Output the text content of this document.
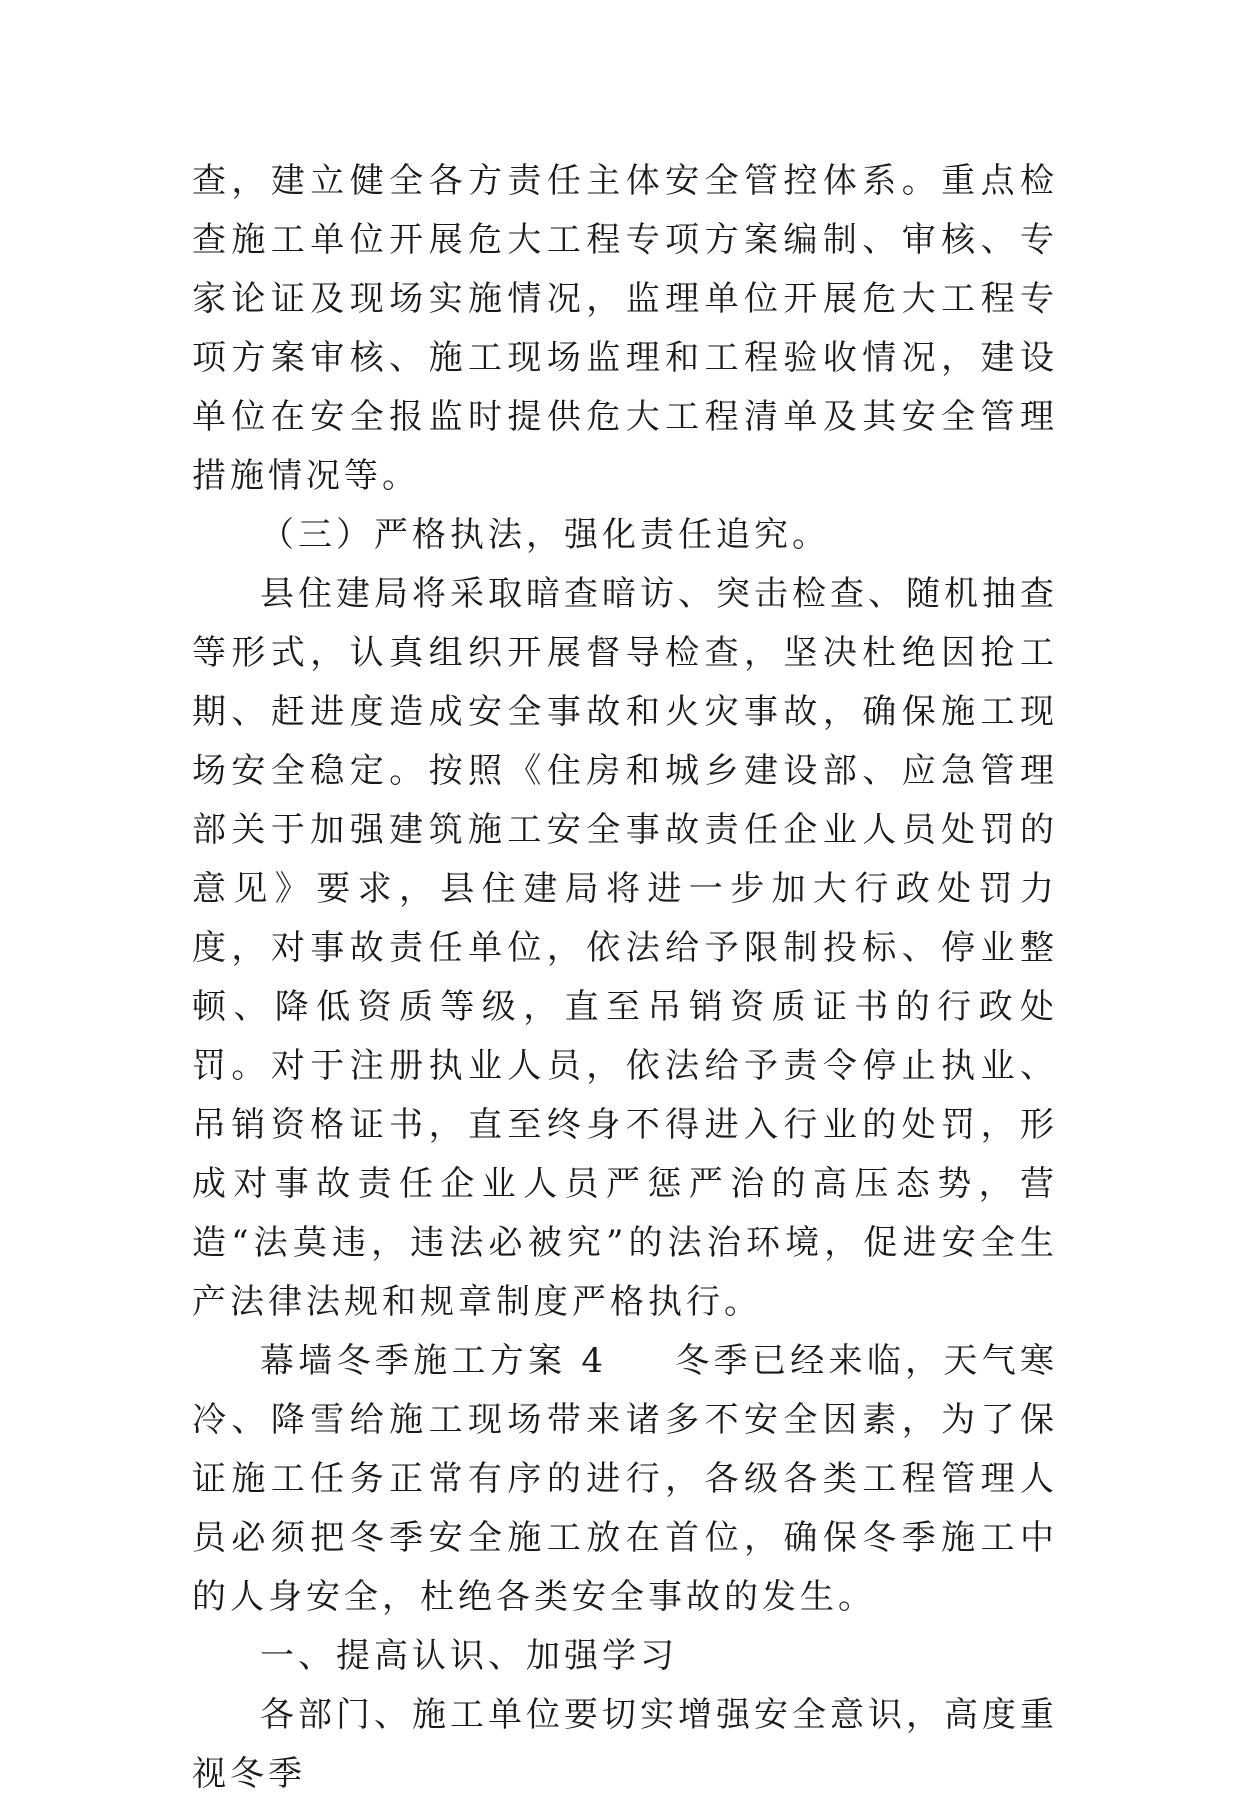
查，建立健全各方责任主体安全管控体系。重点检查施工单位开展危大工程专项方案编制、审核、专家论证及现场实施情况，监理单位开展危大工程专项方案审核、施工现场监理和工程验收情况，建设单位在安全报监时提供危大工程清单及其安全管理措施情况等。

（三）严格执法，强化责任追究。

县住建局将采取暗查暗访、突击检查、随机抽查等形式，认真组织开展督导检查，坚决杜绝因抢工期、赶进度造成安全事故和火灾事故，确保施工现场安全稳定。按照《住房和城乡建设部、应急管理部关于加强建筑施工安全事故责任企业人员处罚的意见》要求，县住建局将进一步加大行政处罚力度，对事故责任单位，依法给予限制投标、停业整顿、降低资质等级，直至吊销资质证书的行政处罚。对于注册执业人员，依法给予责令停止执业、吊销资格证书，直至终身不得进入行业的处罚，形成对事故责任企业人员严惩严治的高压态势，营造“法莫违，违法必被究”的法治环境，促进安全生产法律法规和规章制度严格执行。

幕墙冬季施工方案 4 冬季已经来临，天气寒冷、降雪给施工现场带来诸多不安全因素，为了保证施工任务正常有序的进行，各级各类工程管理人员必须把冬季安全施工放在首位，确保冬季施工中的人身安全，杜绝各类安全事故的发生。

一、提高认识、加强学习

各部门、施工单位要切实增强安全意识，高度重视冬季
